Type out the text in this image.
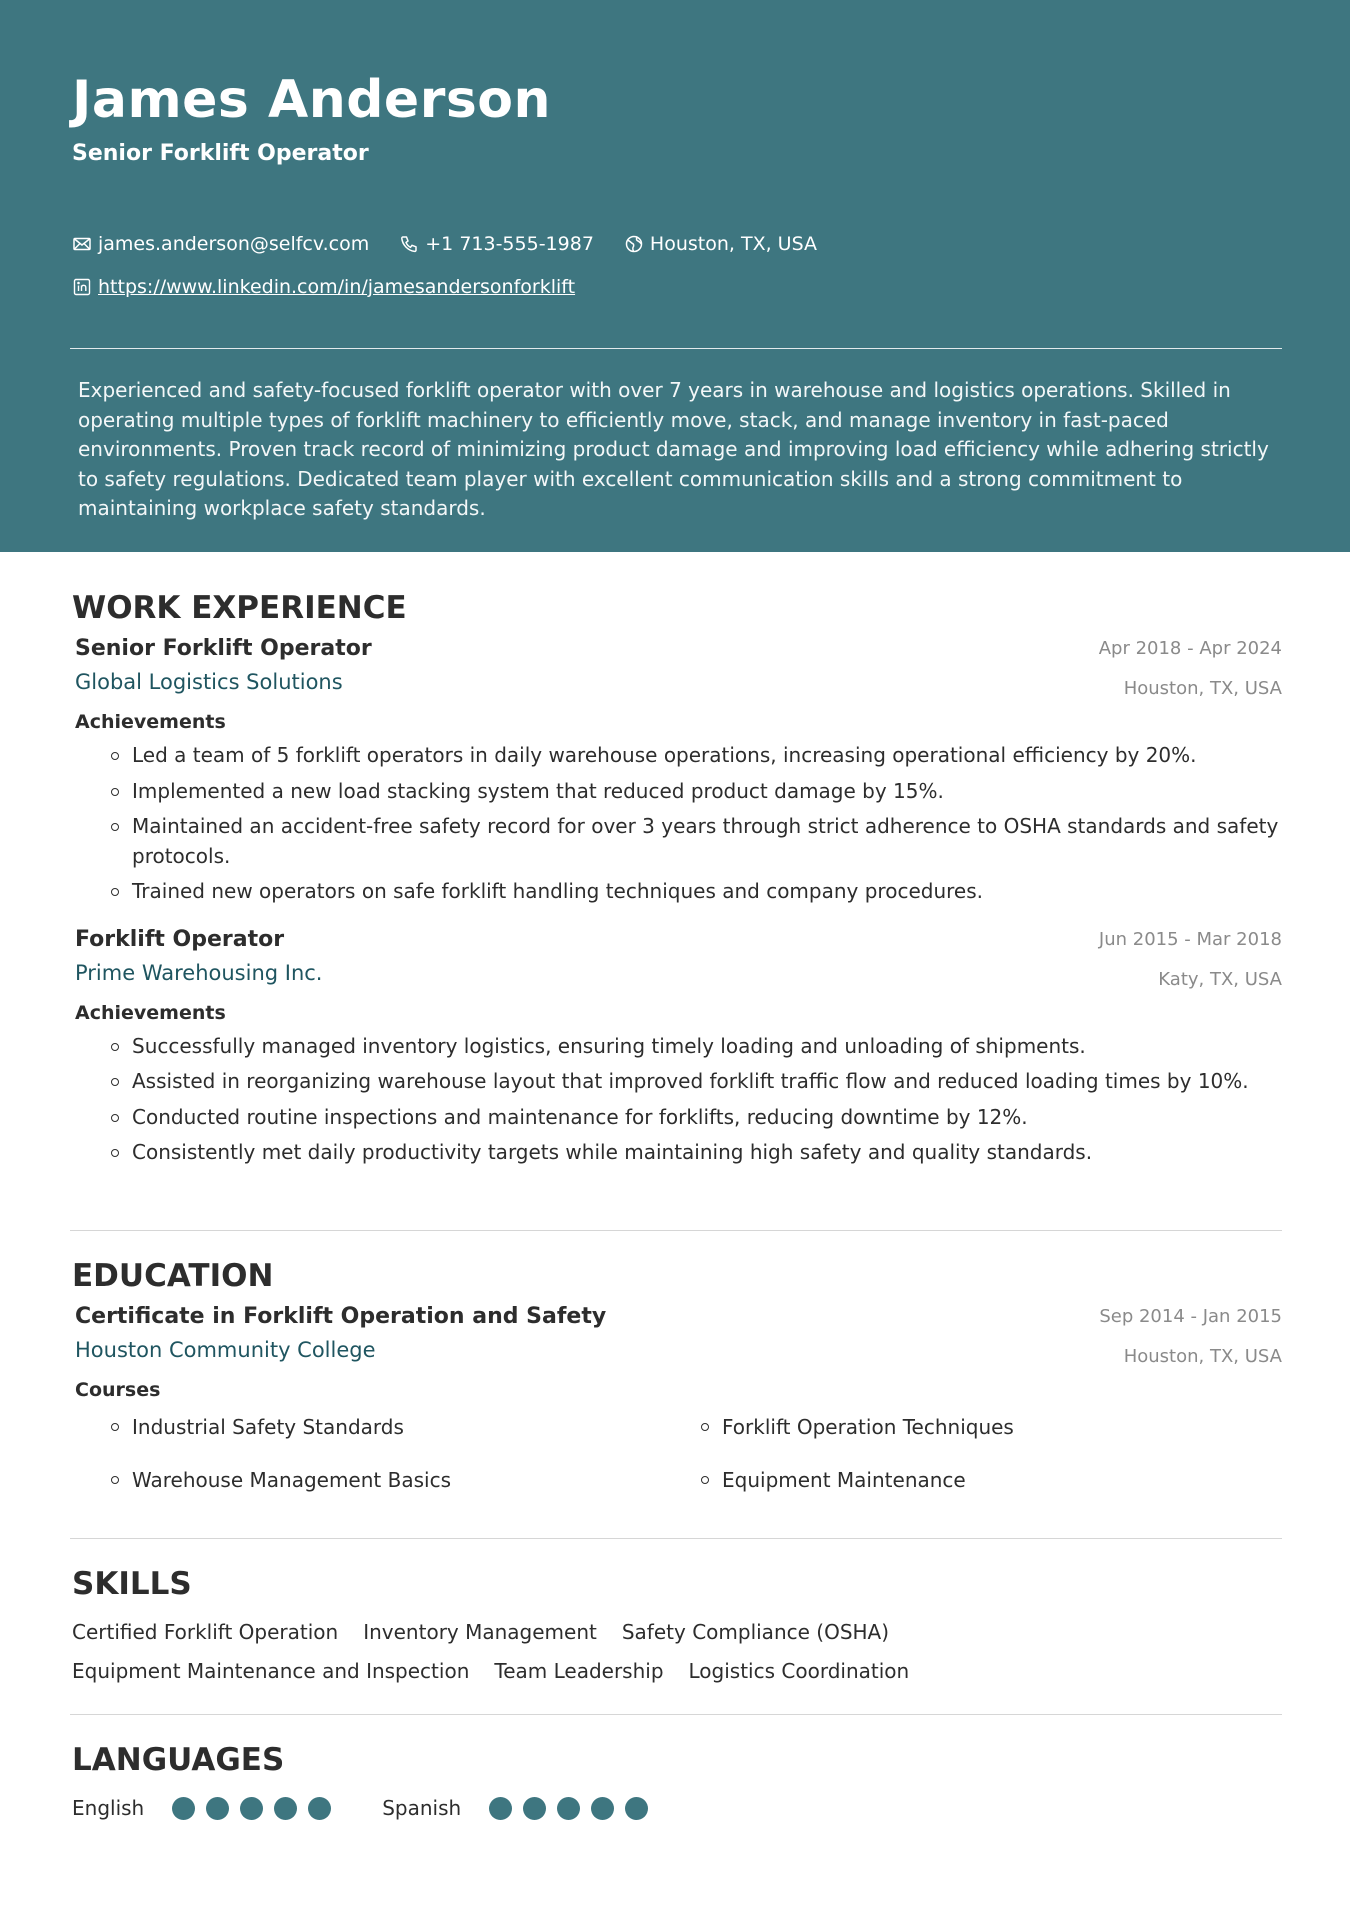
James Anderson
Senior Forklift Operator
james.anderson@selfcv.com	+1 713-555-1987	Houston, TX, USA
https://www.linkedin.com/in/jamesandersonforklift
Experienced and safety-focused forklift operator with over 7 years in warehouse and logistics operations. Skilled in operating multiple types of forklift machinery to efficiently move, stack, and manage inventory in fast-paced environments. Proven track record of minimizing product damage and improving load efficiency while adhering strictly to safety regulations. Dedicated team player with excellent communication skills and a strong commitment to maintaining workplace safety standards.
WORK EXPERIENCE
Senior Forklift Operator
Global Logistics Solutions
Apr 2018 - Apr 2024
Houston, TX, USA
Achievements
Led a team of 5 forklift operators in daily warehouse operations, increasing operational efficiency by 20%.
Implemented a new load stacking system that reduced product damage by 15%.
Maintained an accident-free safety record for over 3 years through strict adherence to OSHA standards and safety protocols.
Trained new operators on safe forklift handling techniques and company procedures.
Forklift Operator
Prime Warehousing Inc.
Jun 2015 - Mar 2018
Katy, TX, USA
Achievements
Successfully managed inventory logistics, ensuring timely loading and unloading of shipments.
Assisted in reorganizing warehouse layout that improved forklift traffic flow and reduced loading times by 10%.
Conducted routine inspections and maintenance for forklifts, reducing downtime by 12%.
Consistently met daily productivity targets while maintaining high safety and quality standards.
EDUCATION
Certificate in Forklift Operation and Safety
Houston Community College
Sep 2014 - Jan 2015
Houston, TX, USA
Courses
Industrial Safety Standards	Forklift Operation Techniques
Warehouse Management Basics	Equipment Maintenance
SKILLS
Certified Forklift Operation Inventory Management Safety Compliance (OSHA)Equipment Maintenance and Inspection Team Leadership Logistics Coordination
LANGUAGES
English	Spanish
